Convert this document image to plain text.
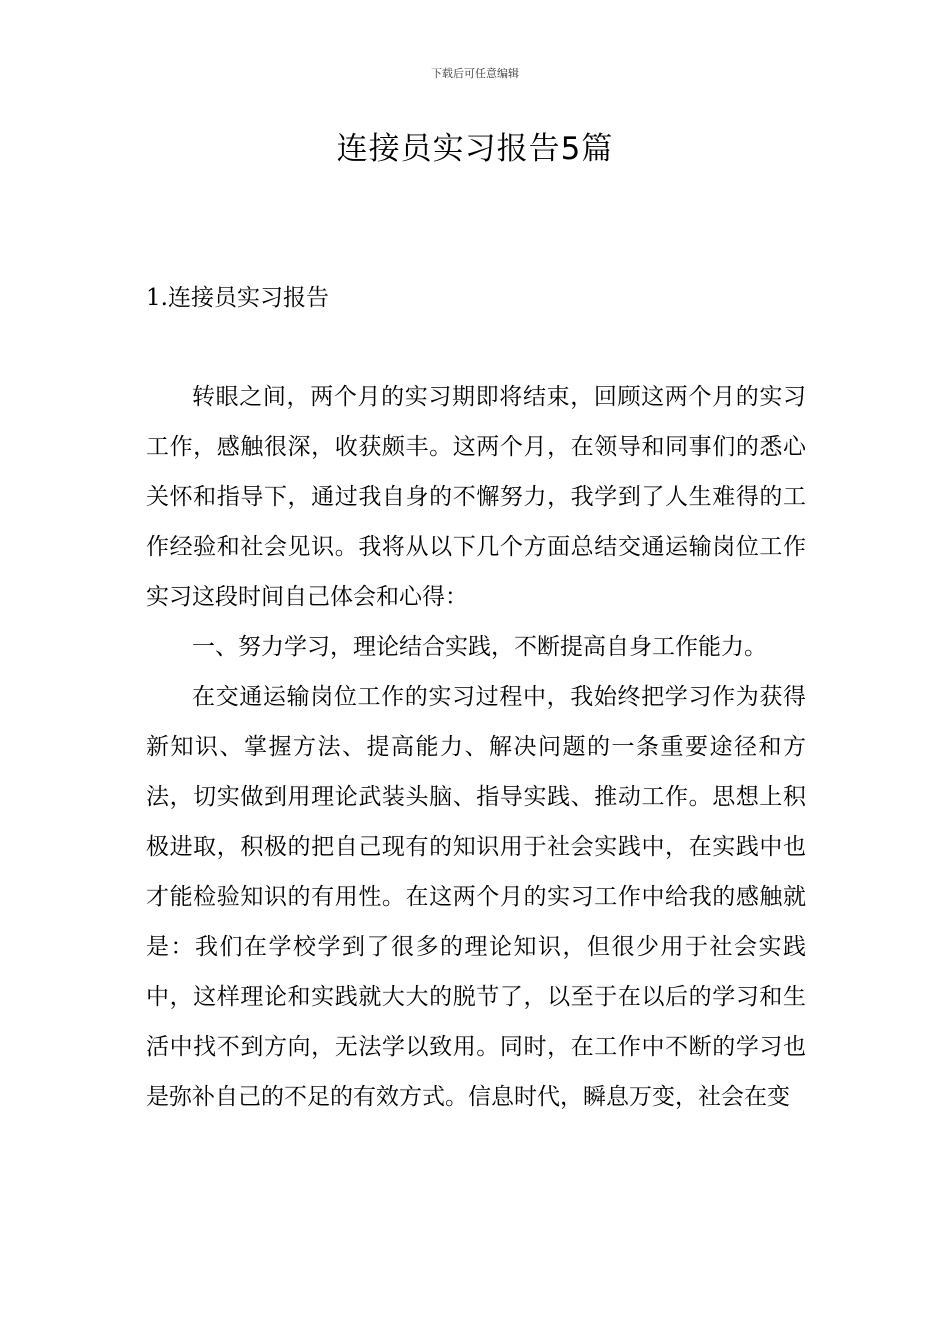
下载后可任意编辑
连接员实习报告5篇
1.连接员实习报告

转眼之间，两个月的实习期即将结束，回顾这两个月的实习工作，感触很深，收获颇丰。这两个月，在领导和同事们的悉心关怀和指导下，通过我自身的不懈努力，我学到了人生难得的工作经验和社会见识。我将从以下几个方面总结交通运输岗位工作实习这段时间自己体会和心得：

一、努力学习，理论结合实践，不断提高自身工作能力。

在交通运输岗位工作的实习过程中，我始终把学习作为获得新知识、掌握方法、提高能力、解决问题的一条重要途径和方法，切实做到用理论武装头脑、指导实践、推动工作。思想上积极进取，积极的把自己现有的知识用于社会实践中，在实践中也才能检验知识的有用性。在这两个月的实习工作中给我的感触就是：我们在学校学到了很多的理论知识，但很少用于社会实践中，这样理论和实践就大大的脱节了，以至于在以后的学习和生活中找不到方向，无法学以致用。同时，在工作中不断的学习也是弥补自己的不足的有效方式。信息时代，瞬息万变，社会在变
